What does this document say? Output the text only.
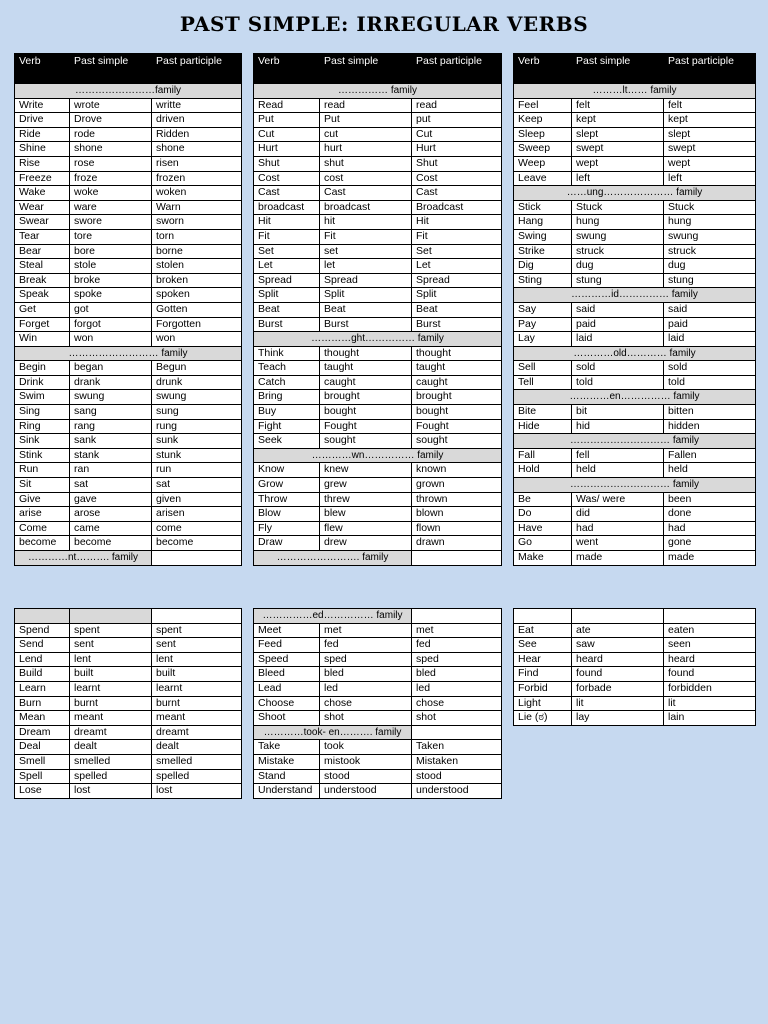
PAST SIMPLE: IRREGULAR VERBS
Verb	Past simple	Past participle
……………………family		
Write	wrote	writte
Drive	Drove	driven
Ride	rode	Ridden
Shine	shone	shone
Rise	rose	risen
Freeze	froze	frozen
Wake	woke	woken
Wear	ware	Warn
Swear	swore	sworn
Tear	tore	torn
Bear	bore	borne
Steal	stole	stolen
Break	broke	broken
Speak	spoke	spoken
Get	got	Gotten
Forget	forgot	Forgotten
Win	won	won
……………………… family		
Begin	began	Begun
Drink	drank	drunk
Swim	swung	swung
Sing	sang	sung
Ring	rang	rung
Sink	sank	sunk
Stink	stank	stunk
Run	ran	run
Sit	sat	sat
Give	gave	given
arise	arose	arisen
Come	came	come
become	become	become
…………nt………. family		
Verb	Past simple	Past participle
…………… family		
Read	read	read
Put	Put	put
Cut	cut	Cut
Hurt	hurt	Hurt
Shut	shut	Shut
Cost	cost	Cost
Cast	Cast	Cast
broadcast	broadcast	Broadcast
Hit	hit	Hit
Fit	Fit	Fit
Set	set	Set
Let	let	Let
Spread	Spread	Spread
Split	Split	Split
Beat	Beat	Beat
Burst	Burst	Burst
…………ght…………… family		
Think	thought	thought
Teach	taught	taught
Catch	caught	caught
Bring	brought	brought
Buy	bought	bought
Fight	Fought	Fought
Seek	sought	sought
…………wn…………… family		
Know	knew	known
Grow	grew	grown
Throw	threw	thrown
Blow	blew	blown
Fly	flew	flown
Draw	drew	drawn
……………………. family		
Verb	Past simple	Past participle
………lt…… family		
Feel	felt	felt
Keep	kept	kept
Sleep	slept	slept
Sweep	swept	swept
Weep	wept	wept
Leave	left	left
……ung………………… family		
Stick	Stuck	Stuck
Hang	hung	hung
Swing	swung	swung
Strike	struck	struck
Dig	dug	dug
Sting	stung	stung
…………id…………… family		
Say	said	said
Pay	paid	paid
Lay	laid	laid
…………old………… family		
Sell	sold	sold
Tell	told	told
…………en…………… family		
Bite	bit	bitten
Hide	hid	hidden
………………………… family		
Fall	fell	Fallen
Hold	held	held
………………………… family		
Be	Was/ were	been
Do	did	done
Have	had	had
Go	went	gone
Make	made	made

Spend	spent	spent
Send	sent	sent
Lend	lent	lent
Build	built	built
Learn	learnt	learnt
Burn	burnt	burnt
Mean	meant	meant
Dream	dreamt	dreamt
Deal	dealt	dealt
Smell	smelled	smelled
Spell	spelled	spelled
Lose	lost	lost
……………ed…………… family		
Meet	met	met
Feed	fed	fed
Speed	sped	sped
Bleed	bled	bled
Lead	led	led
Choose	chose	chose
Shoot	shot	shot
…………took- en………. family		
Take	took	Taken
Mistake	mistook	Mistaken
Stand	stood	stood
Understand	understood	understood

Eat	ate	eaten
See	saw	seen
Hear	heard	heard
Find	found	found
Forbid	forbade	forbidden
Light	lit	lit
Lie (ಠ)	lay	lain
